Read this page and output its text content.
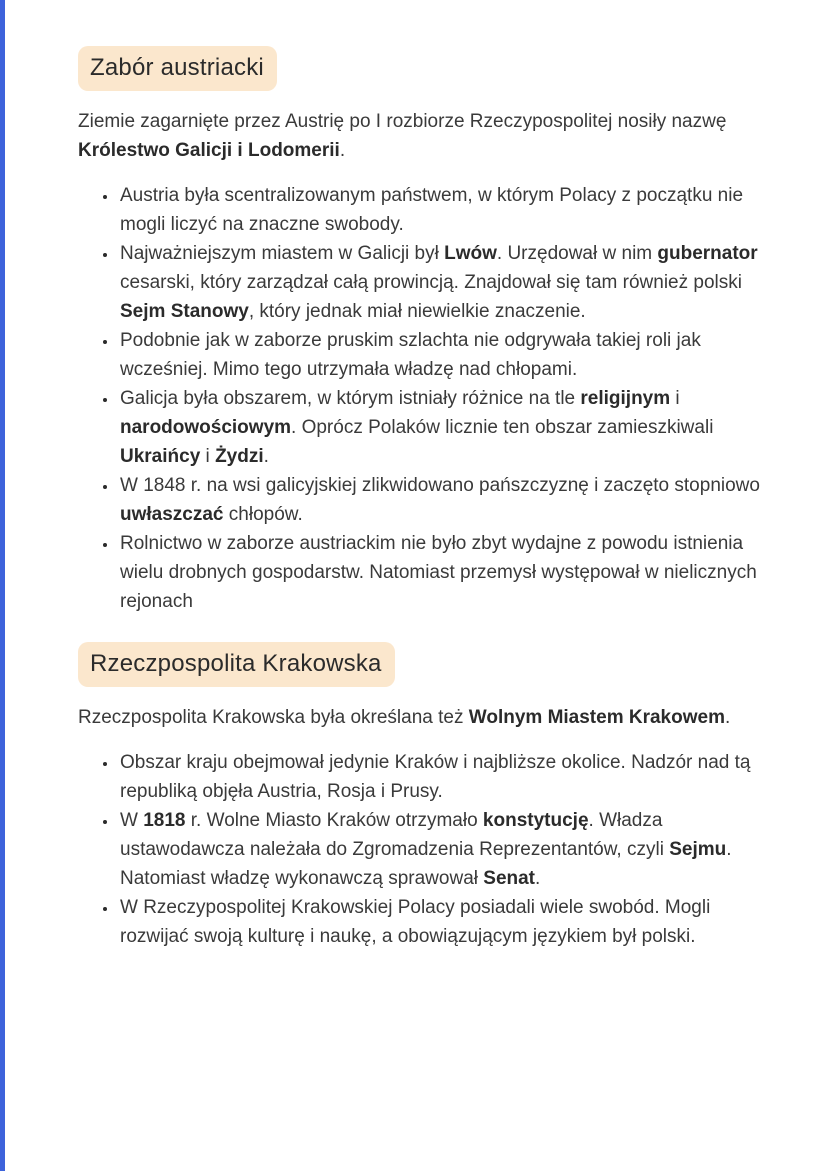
Zabór austriacki

Ziemie zagarnięte przez Austrię po I rozbiorze Rzeczypospolitej nosiły nazwę Królestwo Galicji i Lodomerii.

• Austria była scentralizowanym państwem, w którym Polacy z początku nie mogli liczyć na znaczne swobody.
• Najważniejszym miastem w Galicji był Lwów. Urzędował w nim gubernator cesarski, który zarządzał całą prowincją. Znajdował się tam również polski Sejm Stanowy, który jednak miał niewielkie znaczenie.
• Podobnie jak w zaborze pruskim szlachta nie odgrywała takiej roli jak wcześniej. Mimo tego utrzymała władzę nad chłopami.
• Galicja była obszarem, w którym istniały różnice na tle religijnym i narodowościowym. Oprócz Polaków licznie ten obszar zamieszkiwali Ukraińcy i Żydzi.
• W 1848 r. na wsi galicyjskiej zlikwidowano pańszczyznę i zaczęto stopniowo uwłaszczać chłopów.
• Rolnictwo w zaborze austriackim nie było zbyt wydajne z powodu istnienia wielu drobnych gospodarstw. Natomiast przemysł występował w nielicznych rejonach
Rzeczpospolita Krakowska

Rzeczpospolita Krakowska była określana też Wolnym Miastem Krakowem.

• Obszar kraju obejmował jedynie Kraków i najbliższe okolice. Nadzór nad tą republiką objęła Austria, Rosja i Prusy.
• W 1818 r. Wolne Miasto Kraków otrzymało konstytucję. Władza ustawodawcza należała do Zgromadzenia Reprezentantów, czyli Sejmu. Natomiast władzę wykonawczą sprawował Senat.
• W Rzeczypospolitej Krakowskiej Polacy posiadali wiele swobód. Mogli rozwijać swoją kulturę i naukę, a obowiązującym językiem był polski.
